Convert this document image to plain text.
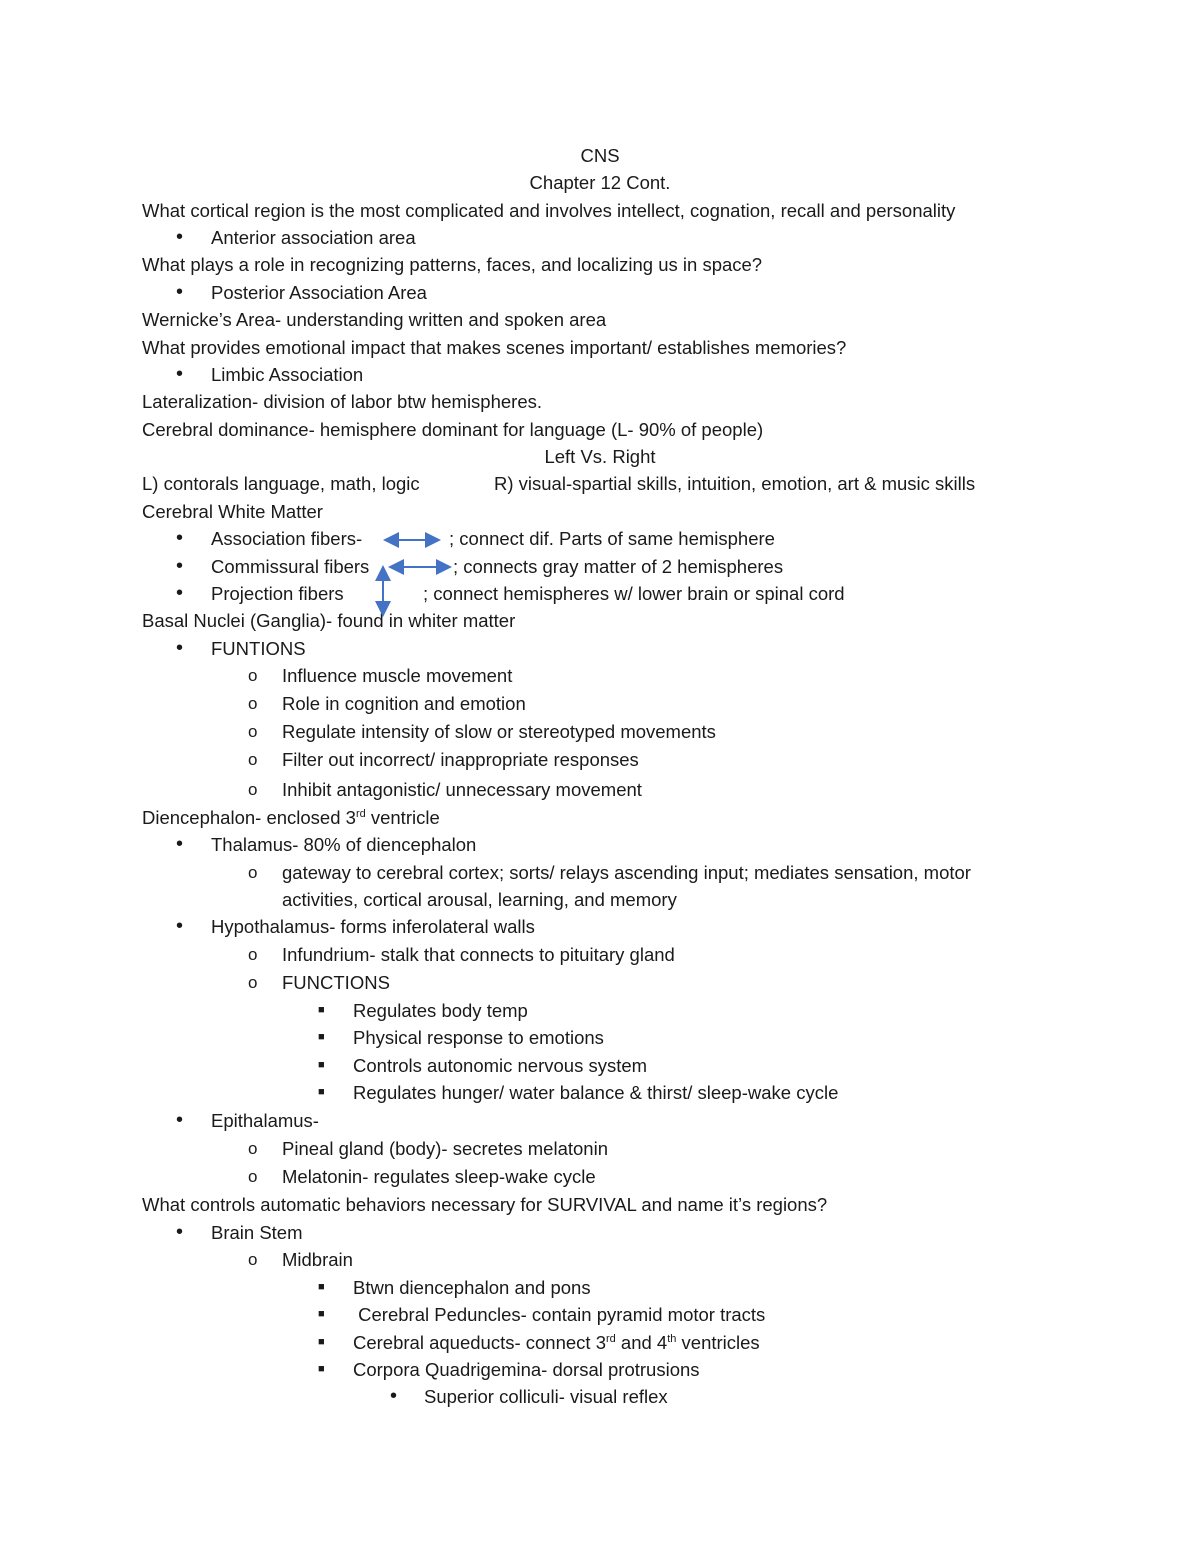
CNS
Chapter 12 Cont.
What cortical region is the most complicated and involves intellect, cognation, recall and personality
• Anterior association area
What plays a role in recognizing patterns, faces, and localizing us in space?
• Posterior Association Area
Wernicke’s Area- understanding written and spoken area
What provides emotional impact that makes scenes important/ establishes memories?
• Limbic Association
Lateralization- division of labor btw hemispheres.
Cerebral dominance- hemisphere dominant for language (L- 90% of people)
Left Vs. Right
L) contorals language, math, logic	R) visual-spartial skills, intuition, emotion, art & music skills
Cerebral White Matter
• Association fibers-	; connect dif. Parts of same hemisphere
• Commissural fibers	; connects gray matter of 2 hemispheres
• Projection fibers	; connect hemispheres w/ lower brain or spinal cord
Basal Nuclei (Ganglia)- found in whiter matter
• FUNTIONS
o Influence muscle movement
o Role in cognition and emotion
o Regulate intensity of slow or stereotyped movements
o Filter out incorrect/ inappropriate responses
o Inhibit antagonistic/ unnecessary movement
Diencephalon- enclosed 3rd ventricle
• Thalamus- 80% of diencephalon
o gateway to cerebral cortex; sorts/ relays ascending input; mediates sensation, motor
activities, cortical arousal, learning, and memory
• Hypothalamus- forms inferolateral walls
o Infundrium- stalk that connects to pituitary gland
o FUNCTIONS
■ Regulates body temp
■ Physical response to emotions
■ Controls autonomic nervous system
■ Regulates hunger/ water balance & thirst/ sleep-wake cycle
• Epithalamus-
o Pineal gland (body)- secretes melatonin
o Melatonin- regulates sleep-wake cycle
What controls automatic behaviors necessary for SURVIVAL and name it’s regions?
• Brain Stem
o Midbrain
■ Btwn diencephalon and pons
■ Cerebral Peduncles- contain pyramid motor tracts
■ Cerebral aqueducts- connect 3rd and 4th ventricles
■ Corpora Quadrigemina- dorsal protrusions
• Superior colliculi- visual reflex
